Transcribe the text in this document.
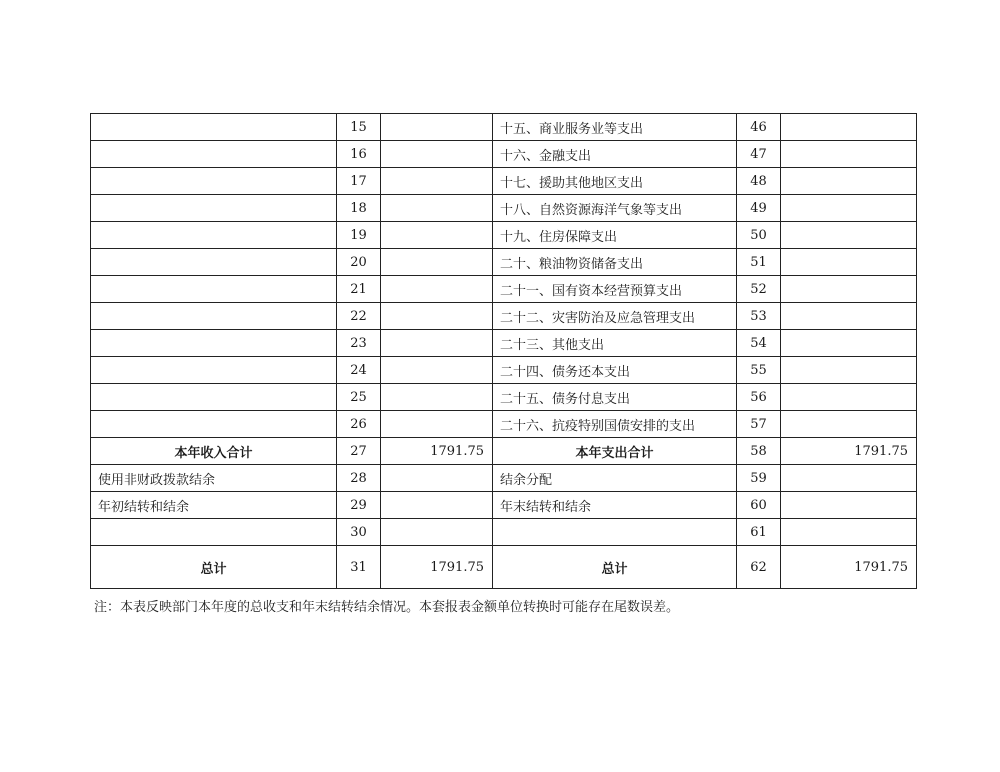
	15		十五、商业服务业等支出	46	
	16		十六、金融支出	47	
	17		十七、援助其他地区支出	48	
	18		十八、自然资源海洋气象等支出	49	
	19		十九、住房保障支出	50	
	20		二十、粮油物资储备支出	51	
	21		二十一、国有资本经营预算支出	52	
	22		二十二、灾害防治及应急管理支出	53	
	23		二十三、其他支出	54	
	24		二十四、债务还本支出	55	
	25		二十五、债务付息支出	56	
	26		二十六、抗疫特别国债安排的支出	57	
本年收入合计	27	1791.75	本年支出合计	58	1791.75
使用非财政拨款结余	28		结余分配	59	
年初结转和结余	29		年末结转和结余	60	
	30			61	
总计	31	1791.75	总计	62	1791.75
注：本表反映部门本年度的总收支和年末结转结余情况。本套报表金额单位转换时可能存在尾数误差。
